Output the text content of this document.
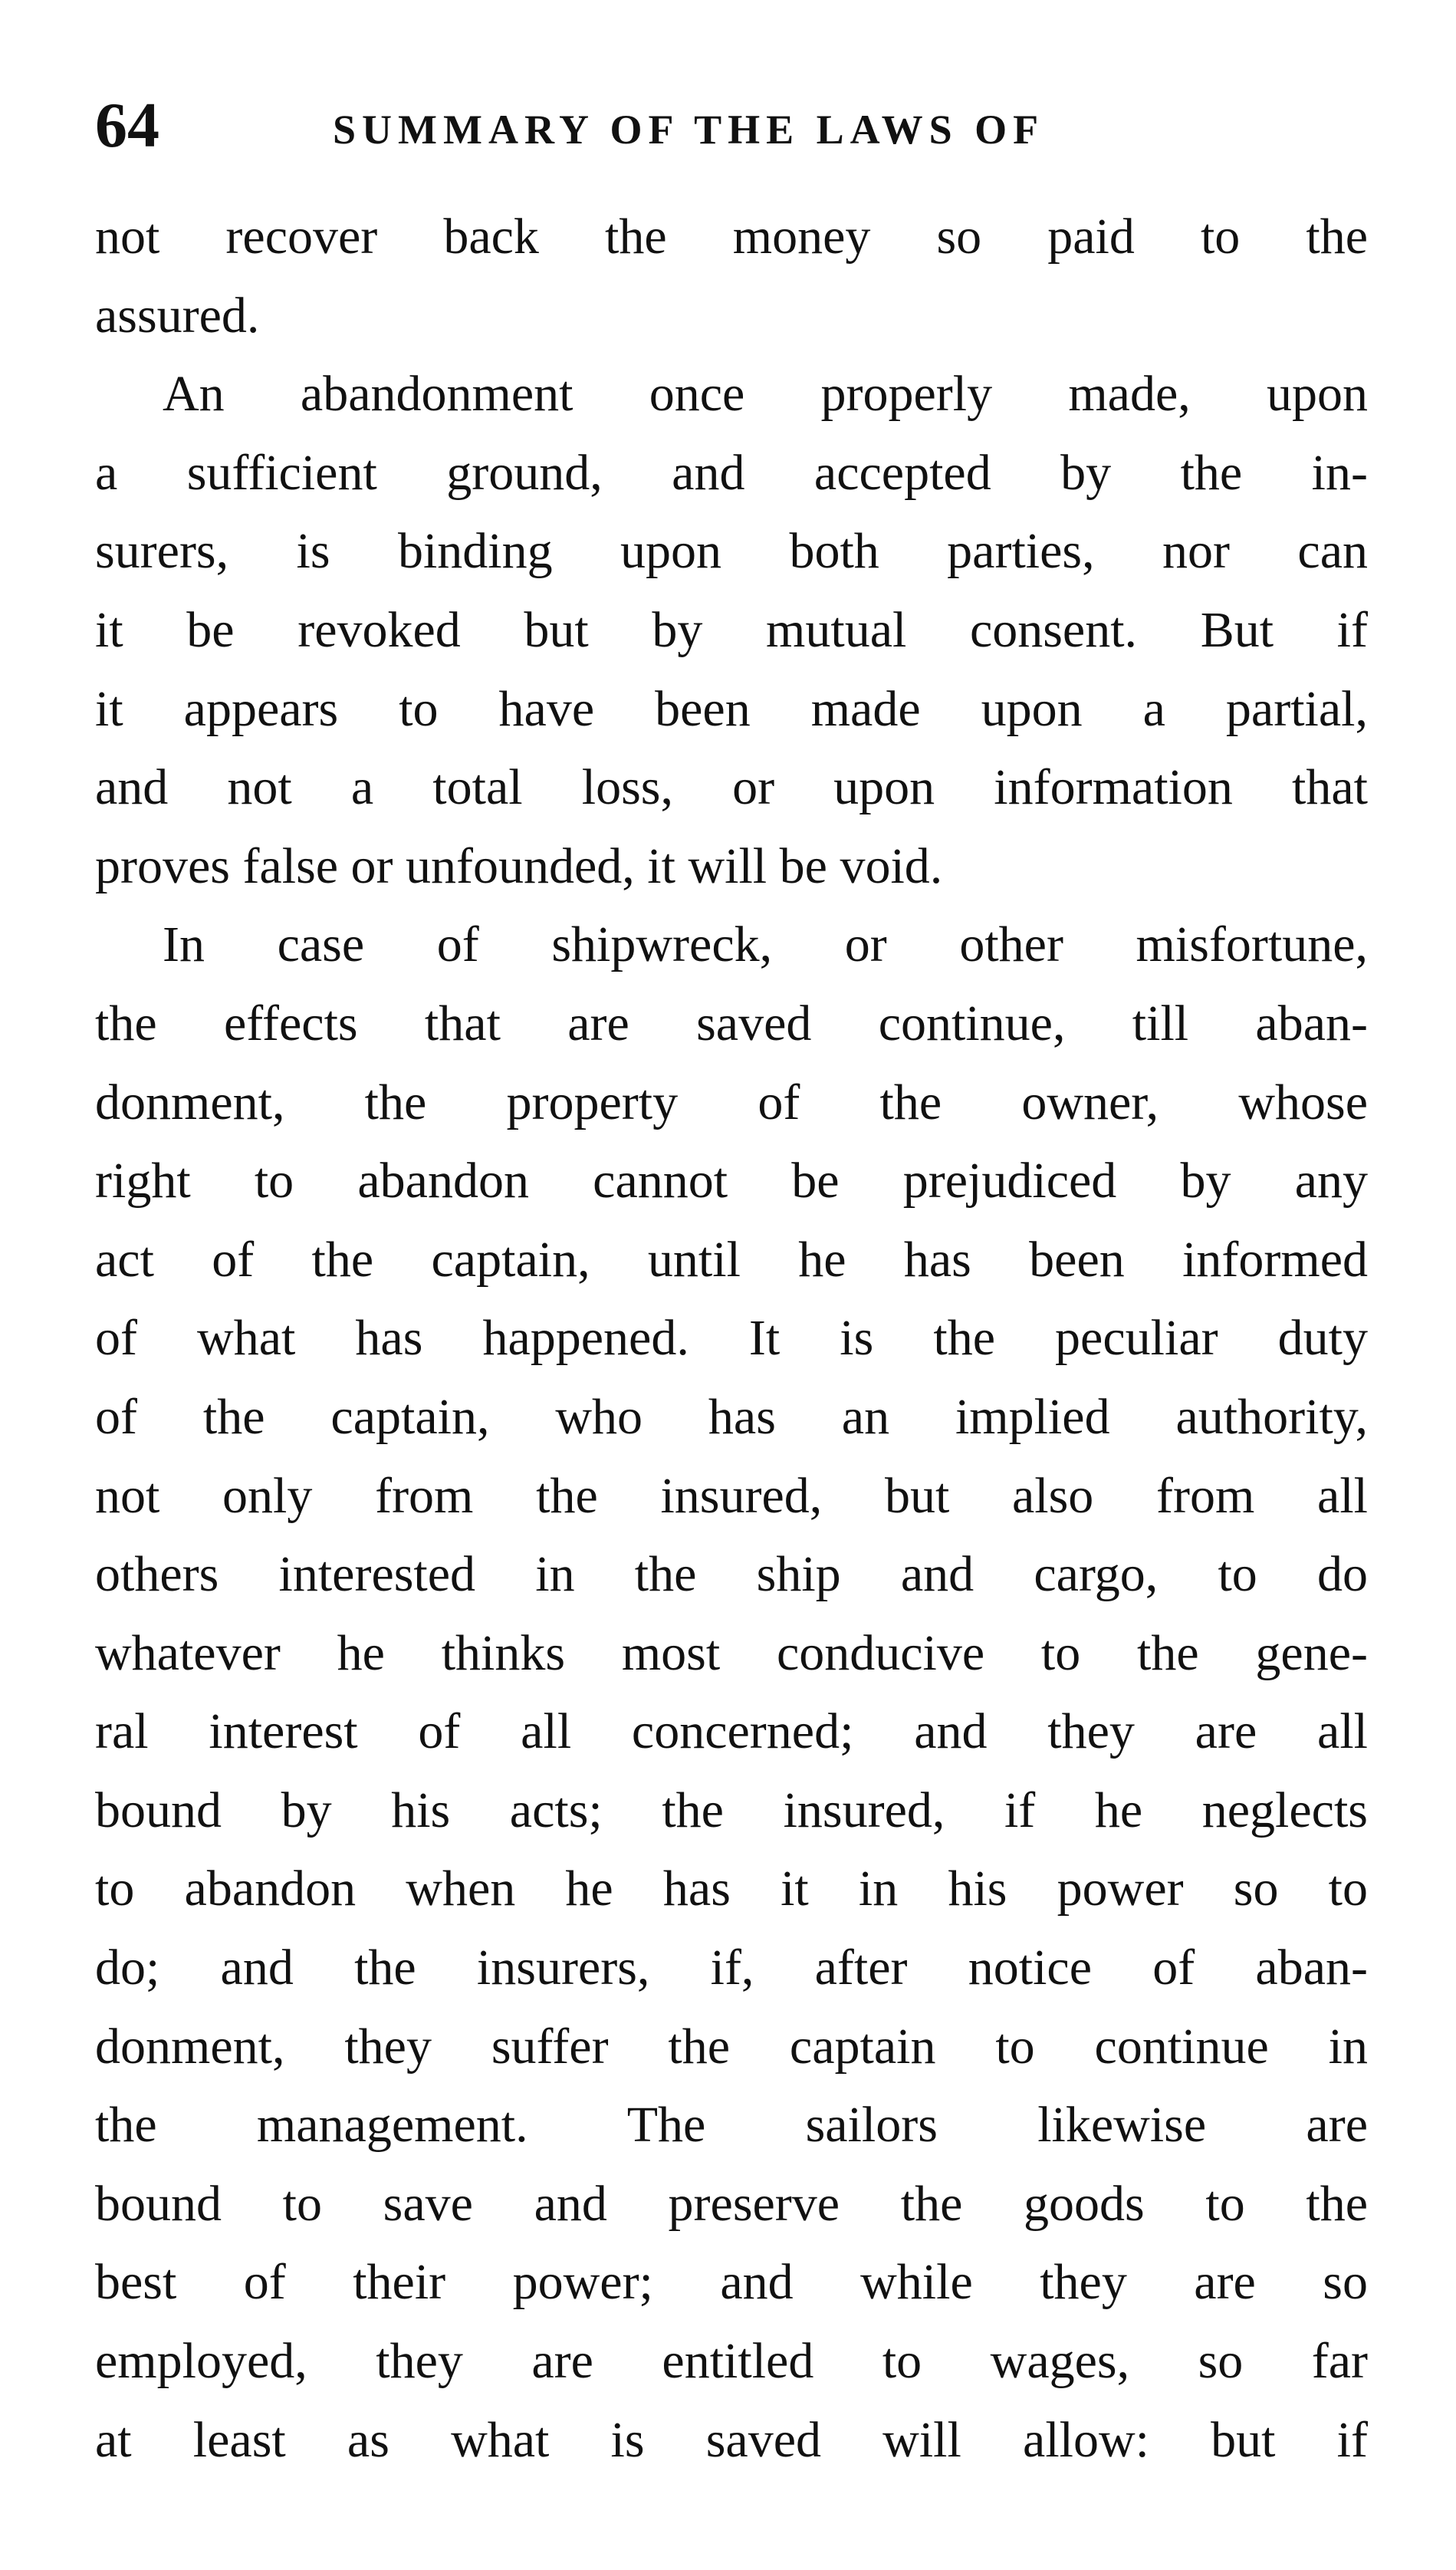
64	SUMMARY OF THE LAWS OF

not recover back the money so paid to the
assured.

An abandonment once properly made, upon
a sufficient ground, and accepted by the in-
surers, is binding upon both parties, nor can
it be revoked but by mutual consent. But if
it appears to have been made upon a partial,
and not a total loss, or upon information that
proves false or unfounded, it will be void.

In case of shipwreck, or other misfortune,
the effects that are saved continue, till aban-
donment, the property of the owner, whose
right to abandon cannot be prejudiced by any
act of the captain, until he has been informed
of what has happened. It is the peculiar duty
of the captain, who has an implied authority,
not only from the insured, but also from all
others interested in the ship and cargo, to do
whatever he thinks most conducive to the gene-
ral interest of all concerned; and they are all
bound by his acts; the insured, if he neglects
to abandon when he has it in his power so to
do; and the insurers, if, after notice of aban-
donment, they suffer the captain to continue in
the management. The sailors likewise are
bound to save and preserve the goods to the
best of their power; and while they are so
employed, they are entitled to wages, so far
at least as what is saved will allow: but if
